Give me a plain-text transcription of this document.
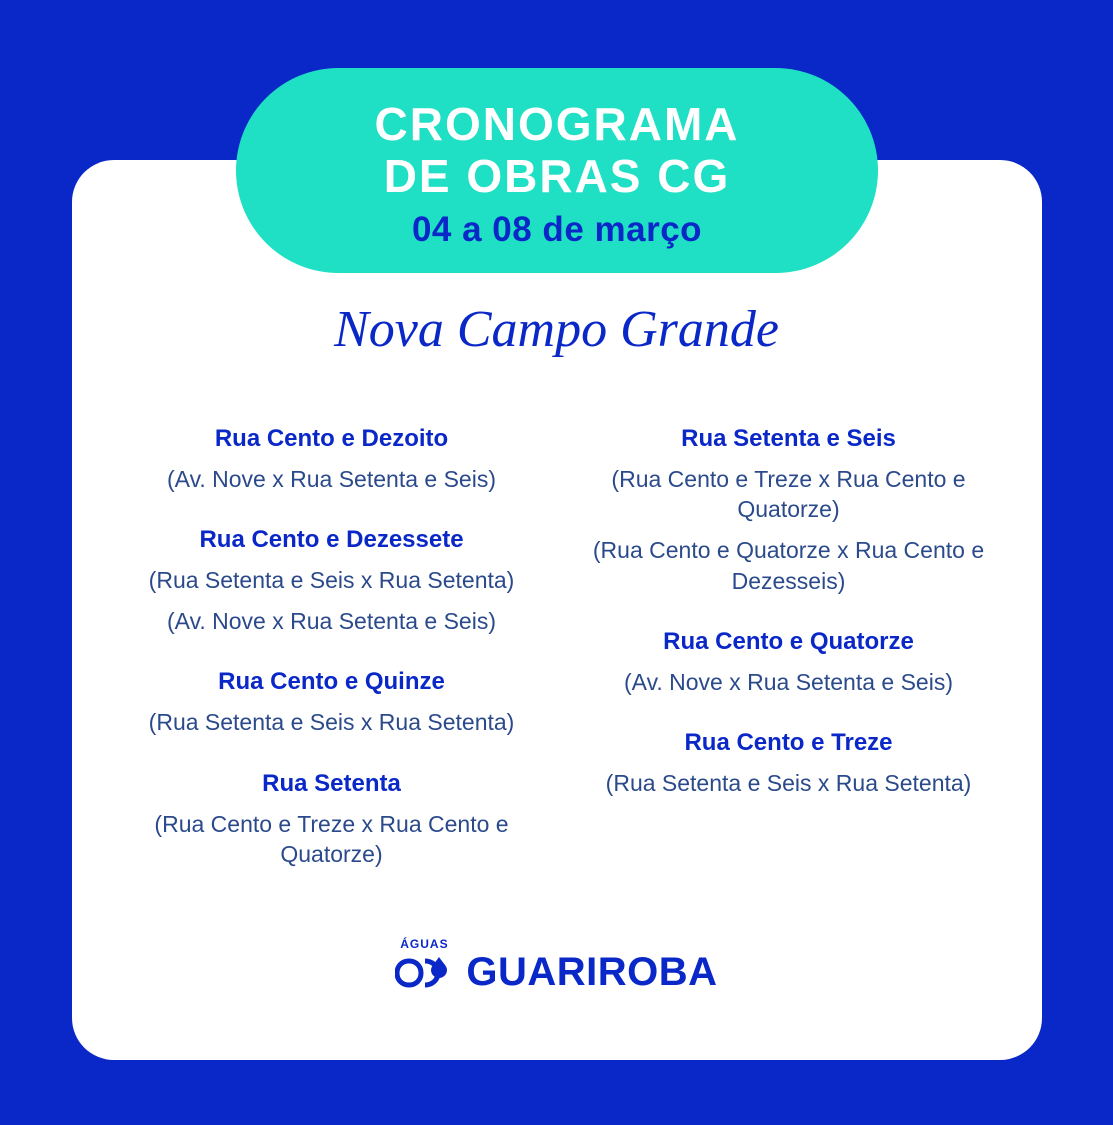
CRONOGRAMA
DE OBRAS CG
04 a 08 de março
Nova Campo Grande
Rua Cento e Dezoito
(Av. Nove x Rua Setenta e Seis)
Rua Cento e Dezessete
(Rua Setenta e Seis x Rua Setenta)
(Av. Nove x Rua Setenta e Seis)
Rua Cento e Quinze
(Rua Setenta e Seis x Rua Setenta)
Rua Setenta
(Rua Cento e Treze x Rua Cento e Quatorze)
Rua Setenta e Seis
(Rua Cento e Treze x Rua Cento e Quatorze)
(Rua Cento e Quatorze x Rua Cento e Dezesseis)
Rua Cento e Quatorze
(Av. Nove x Rua Setenta e Seis)
Rua Cento e Treze
(Rua Setenta e Seis x Rua Setenta)
ÁGUAS
GUARIROBA
